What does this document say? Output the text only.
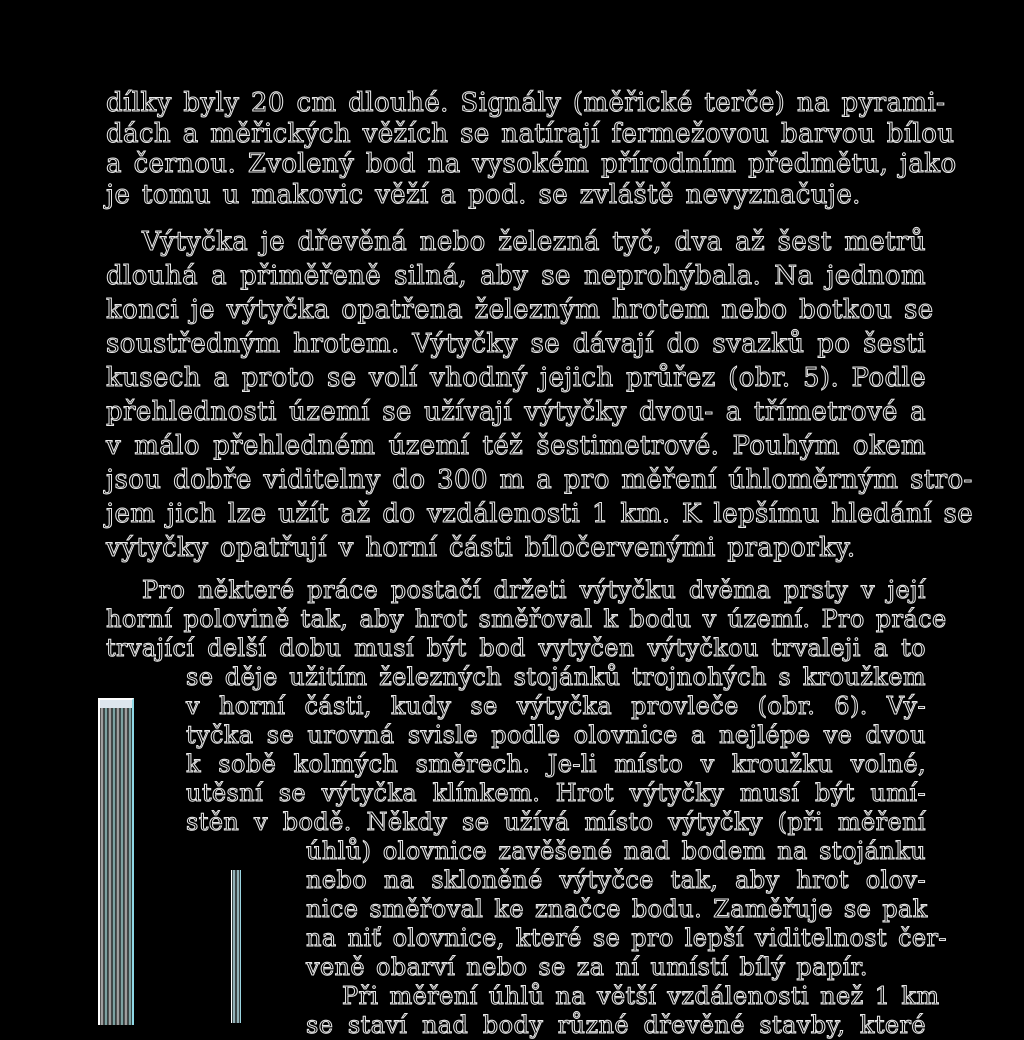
dílky byly 20 cm dlouhé. Signály (měřické terče) na pyrami-
dách a měřických věžích se natírají fermežovou barvou bílou
a černou. Zvolený bod na vysokém přírodním předmětu, jako
je tomu u makovic věží a pod. se zvláště nevyznačuje.
Výtyčka je dřevěná nebo železná tyč, dva až šest metrů
dlouhá a přiměřeně silná, aby se neprohýbala. Na jednom
konci je výtyčka opatřena železným hrotem nebo botkou se
soustředným hrotem. Výtyčky se dávají do svazků po šesti
kusech a proto se volí vhodný jejich průřez (obr. 5). Podle
přehlednosti území se užívají výtyčky dvou- a třímetrové a
v málo přehledném území též šestimetrové. Pouhým okem
jsou dobře viditelny do 300 m a pro měření úhloměrným stro-
jem jich lze užít až do vzdálenosti 1 km. K lepšímu hledání se
výtyčky opatřují v horní části bíločervenými praporky.
Pro některé práce postačí držeti výtyčku dvěma prsty v její
horní polovině tak, aby hrot směřoval k bodu v území. Pro práce
trvající delší dobu musí být bod vytyčen výtyčkou trvaleji a to
se děje užitím železných stojánků trojnohých s kroužkem
v horní části, kudy se výtyčka provleče (obr. 6). Vý-
tyčka se urovná svisle podle olovnice a nejlépe ve dvou
k sobě kolmých směrech. Je-li místo v kroužku volné,
utěsní se výtyčka klínkem. Hrot výtyčky musí být umí-
stěn v bodě. Někdy se užívá místo výtyčky (při měření
úhlů) olovnice zavěšené nad bodem na stojánku
nebo na skloněné výtyčce tak, aby hrot olov-
nice směřoval ke značce bodu. Zaměřuje se pak
na niť olovnice, které se pro lepší viditelnost čer-
veně obarví nebo se za ní umístí bílý papír.
Při měření úhlů na větší vzdálenosti než 1 km
se staví nad body různé dřevěné stavby, které
